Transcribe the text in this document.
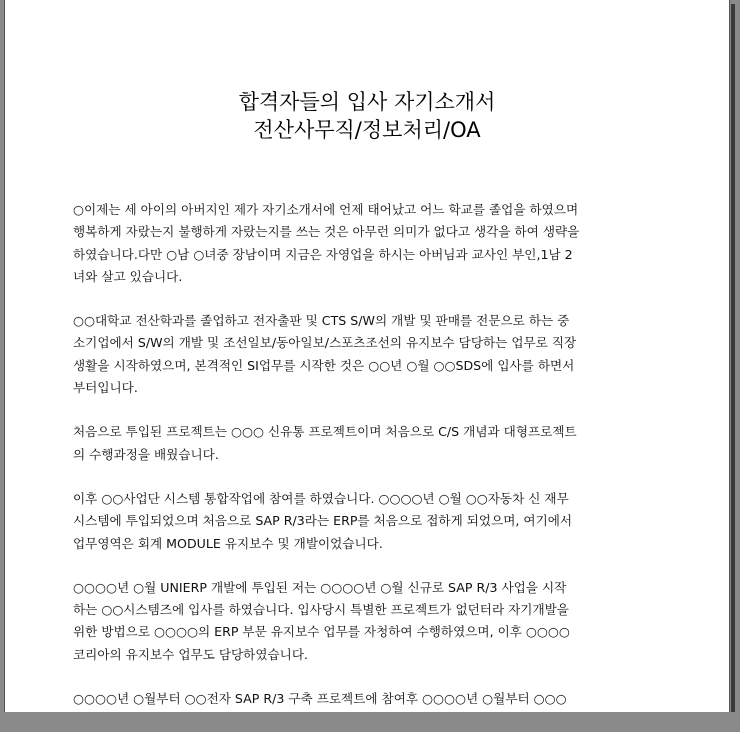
합격자들의 입사 자기소개서
전산사무직/정보처리/OA
○이제는 세 아이의 아버지인 제가 자기소개서에 언제 태어났고 어느 학교를 졸업을 하였으며
행복하게 자랐는지 불행하게 자랐는지를 쓰는 것은 아무런 의미가 없다고 생각을 하여 생략을
하였습니다.다만 ○남 ○녀중 장남이며 지금은 자영업을 하시는 아버님과 교사인 부인,1남 2
녀와 살고 있습니다.
○○대학교 전산학과를 졸업하고 전자출판 및 CTS S/W의 개발 및 판매를 전문으로 하는 중
소기업에서 S/W의 개발 및 조선일보/동아일보/스포츠조선의 유지보수 담당하는 업무로 직장
생활을 시작하였으며, 본격적인 SI업무를 시작한 것은 ○○년 ○월 ○○SDS에 입사를 하면서
부터입니다.
처음으로 투입된 프로젝트는 ○○○ 신유통 프로젝트이며 처음으로 C/S 개념과 대형프로젝트
의 수행과정을 배웠습니다.
이후 ○○사업단 시스템 통합작업에 참여를 하였습니다. ○○○○년 ○월 ○○자동차 신 재무
시스템에 투입되었으며 처음으로 SAP R/3라는 ERP를 처음으로 접하게 되었으며, 여기에서
업무영역은 회계 MODULE 유지보수 및 개발이었습니다.
○○○○년 ○월 UNIERP 개발에 투입된 저는 ○○○○년 ○월 신규로 SAP R/3 사업을 시작
하는 ○○시스템즈에 입사를 하였습니다. 입사당시 특별한 프로젝트가 없던터라 자기개발을
위한 방법으로 ○○○○의 ERP 부문 유지보수 업무를 자청하여 수행하였으며, 이후 ○○○○
코리아의 유지보수 업무도 담당하였습니다.
○○○○년 ○월부터 ○○전자 SAP R/3 구축 프로젝트에 참여후 ○○○○년 ○월부터 ○○○
